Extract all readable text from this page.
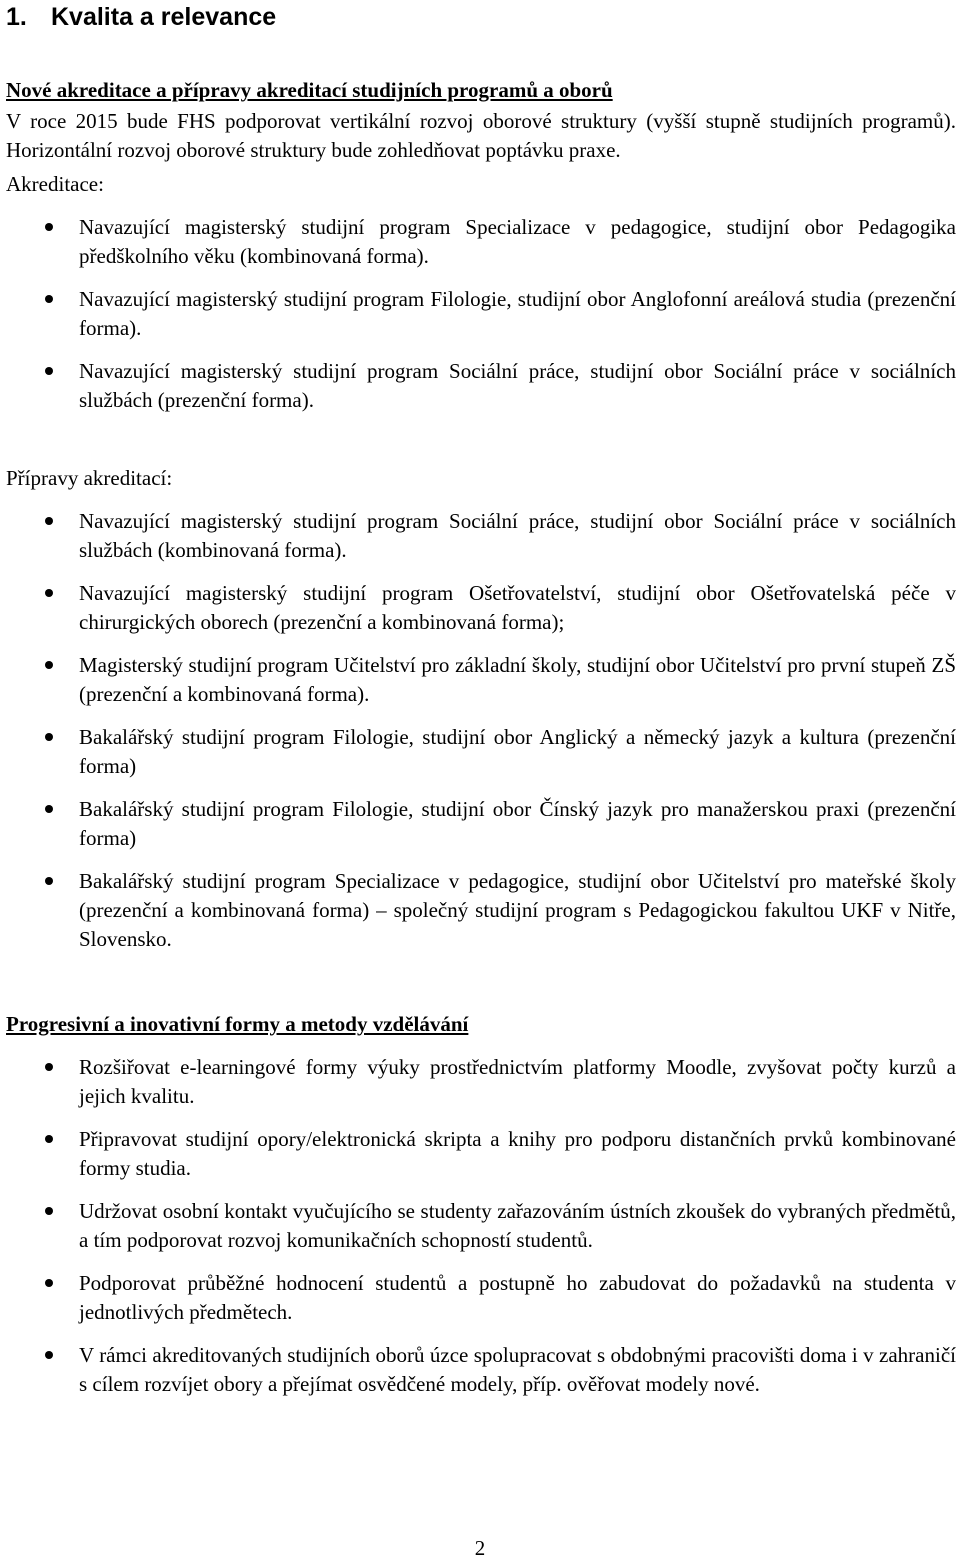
1. Kvalita a relevance
Nové akreditace a přípravy akreditací studijních programů a oborů

V roce 2015 bude FHS podporovat vertikální rozvoj oborové struktury (vyšší stupně studijních programů). Horizontální rozvoj oborové struktury bude zohledňovat poptávku praxe.

Akreditace:

Navazující magisterský studijní program Specializace v pedagogice, studijní obor Pedagogika předškolního věku (kombinovaná forma).
Navazující magisterský studijní program Filologie, studijní obor Anglofonní areálová studia (prezenční forma).
Navazující magisterský studijní program Sociální práce, studijní obor Sociální práce v sociálních službách (prezenční forma).

Přípravy akreditací:

Navazující magisterský studijní program Sociální práce, studijní obor Sociální práce v sociálních službách (kombinovaná forma).
Navazující magisterský studijní program Ošetřovatelství, studijní obor Ošetřovatelská péče v chirurgických oborech (prezenční a kombinovaná forma);
Magisterský studijní program Učitelství pro základní školy, studijní obor Učitelství pro první stupeň ZŠ (prezenční a kombinovaná forma).
Bakalářský studijní program Filologie, studijní obor Anglický a německý jazyk a kultura (prezenční forma)
Bakalářský studijní program Filologie, studijní obor Čínský jazyk pro manažerskou praxi (prezenční forma)
Bakalářský studijní program Specializace v pedagogice, studijní obor Učitelství pro mateřské školy (prezenční a kombinovaná forma) – společný studijní program s Pedagogickou fakultou UKF v Nitře, Slovensko.
Progresivní a inovativní formy a metody vzdělávání
Rozšiřovat e-learningové formy výuky prostřednictvím platformy Moodle, zvyšovat počty kurzů a jejich kvalitu.
Připravovat studijní opory/elektronická skripta a knihy pro podporu distančních prvků kombinované formy studia.
Udržovat osobní kontakt vyučujícího se studenty zařazováním ústních zkoušek do vybraných předmětů, a tím podporovat rozvoj komunikačních schopností studentů.
Podporovat průběžné hodnocení studentů a postupně ho zabudovat do požadavků na studenta v jednotlivých předmětech.
V rámci akreditovaných studijních oborů úzce spolupracovat s obdobnými pracovišti doma i v zahraničí s cílem rozvíjet obory a přejímat osvědčené modely, příp. ověřovat modely nové.
2
